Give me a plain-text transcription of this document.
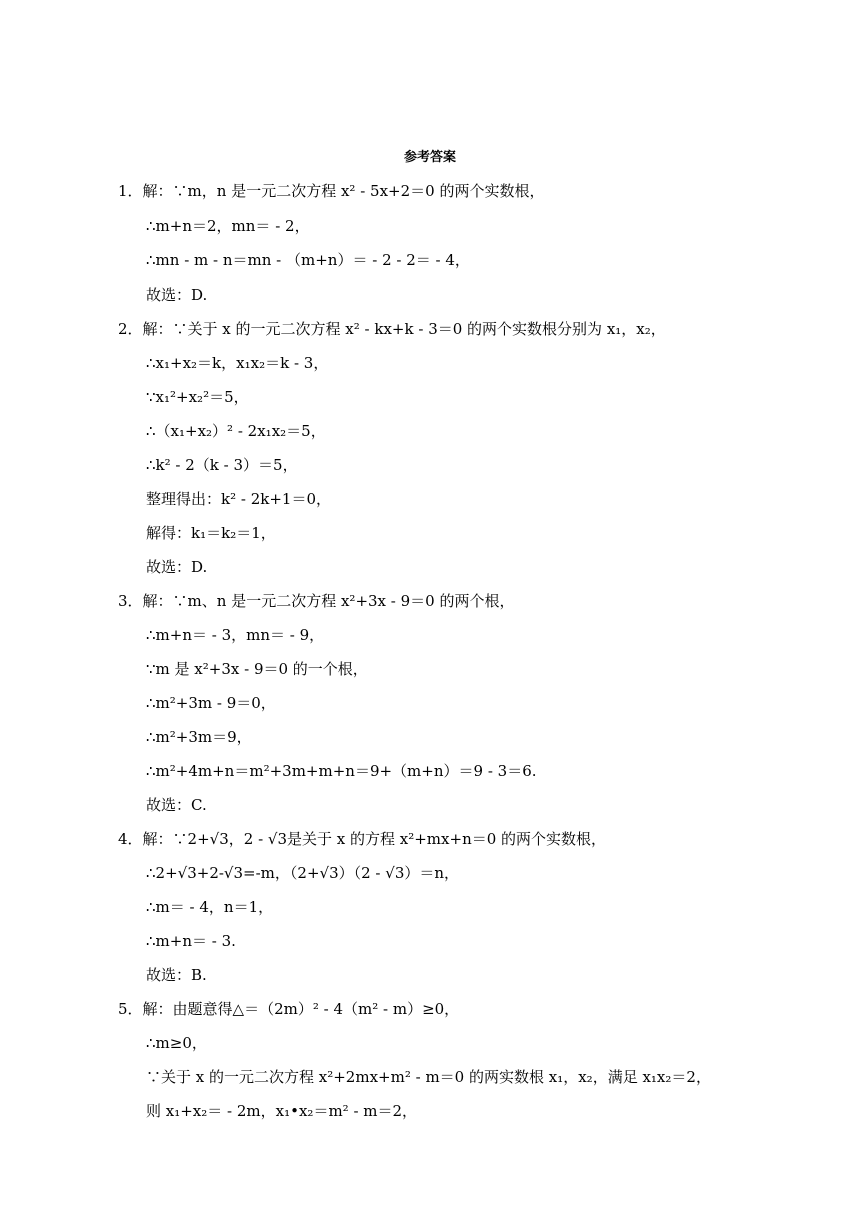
参考答案
1．解：∵m，n 是一元二次方程 x² - 5x+2＝0 的两个实数根，
∴m+n＝2，mn＝ - 2，
∴mn - m - n＝mn - （m+n）＝ - 2 - 2＝ - 4，
故选：D.
2．解：∵关于 x 的一元二次方程 x² - kx+k - 3＝0 的两个实数根分别为 x₁，x₂，
∴x₁+x₂＝k，x₁x₂＝k - 3，
∵x₁²+x₂²＝5，
∴（x₁+x₂）² - 2x₁x₂＝5，
∴k² - 2（k - 3）＝5，
整理得出：k² - 2k+1＝0，
解得：k₁＝k₂＝1，
故选：D.
3．解：∵m、n 是一元二次方程 x²+3x - 9＝0 的两个根，
∴m+n＝ - 3，mn＝ - 9，
∵m 是 x²+3x - 9＝0 的一个根，
∴m²+3m - 9＝0，
∴m²+3m＝9，
∴m²+4m+n＝m²+3m+m+n＝9+（m+n）＝9 - 3＝6.
故选：C.
4．解：∵2+√3，2 - √3是关于 x 的方程 x²+mx+n＝0 的两个实数根，
∴2+√3+2-√3=-m，（2+√3）（2 - √3）＝n，
∴m＝ - 4，n＝1，
∴m+n＝ - 3.
故选：B.
5．解：由题意得△＝（2m）² - 4（m² - m）≥0，
∴m≥0，
∵关于 x 的一元二次方程 x²+2mx+m² - m＝0 的两实数根 x₁，x₂，满足 x₁x₂＝2，
则 x₁+x₂＝ - 2m，x₁•x₂＝m² - m＝2，
